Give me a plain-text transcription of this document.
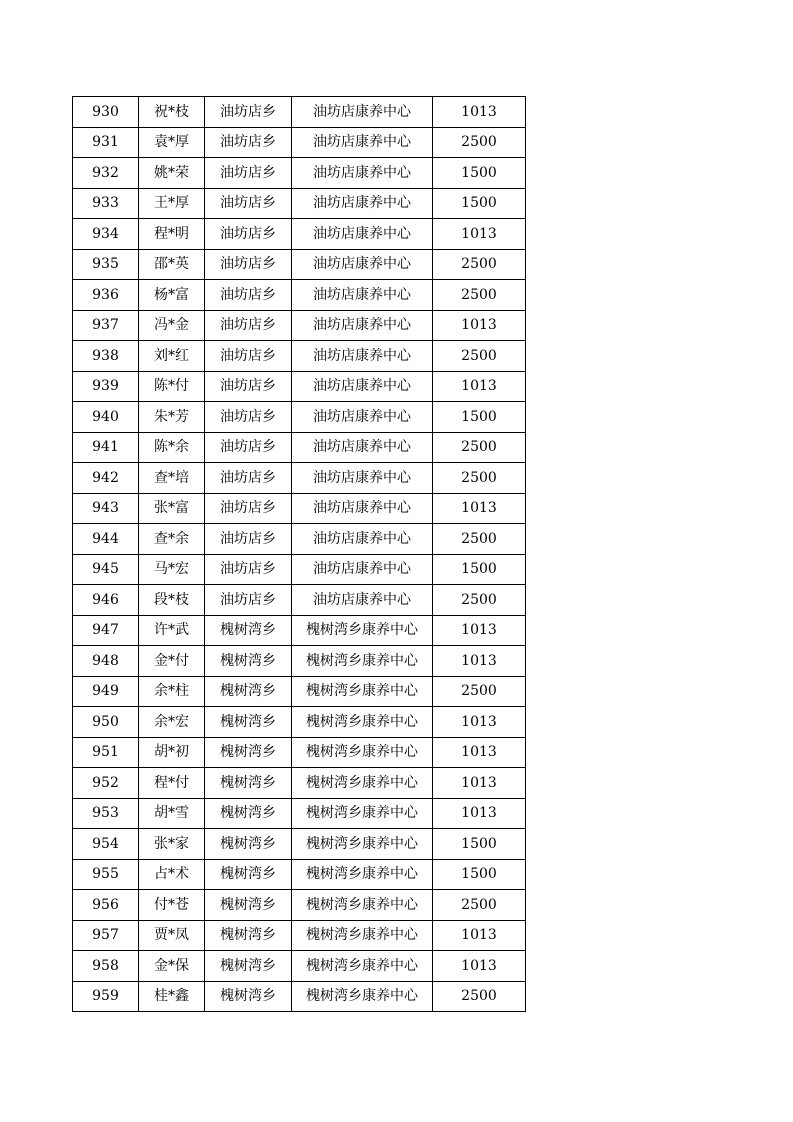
930	祝*枝	油坊店乡	油坊店康养中心	1013
931	袁*厚	油坊店乡	油坊店康养中心	2500
932	姚*荣	油坊店乡	油坊店康养中心	1500
933	王*厚	油坊店乡	油坊店康养中心	1500
934	程*明	油坊店乡	油坊店康养中心	1013
935	邵*英	油坊店乡	油坊店康养中心	2500
936	杨*富	油坊店乡	油坊店康养中心	2500
937	冯*金	油坊店乡	油坊店康养中心	1013
938	刘*红	油坊店乡	油坊店康养中心	2500
939	陈*付	油坊店乡	油坊店康养中心	1013
940	朱*芳	油坊店乡	油坊店康养中心	1500
941	陈*余	油坊店乡	油坊店康养中心	2500
942	查*培	油坊店乡	油坊店康养中心	2500
943	张*富	油坊店乡	油坊店康养中心	1013
944	查*余	油坊店乡	油坊店康养中心	2500
945	马*宏	油坊店乡	油坊店康养中心	1500
946	段*枝	油坊店乡	油坊店康养中心	2500
947	许*武	槐树湾乡	槐树湾乡康养中心	1013
948	金*付	槐树湾乡	槐树湾乡康养中心	1013
949	余*柱	槐树湾乡	槐树湾乡康养中心	2500
950	余*宏	槐树湾乡	槐树湾乡康养中心	1013
951	胡*初	槐树湾乡	槐树湾乡康养中心	1013
952	程*付	槐树湾乡	槐树湾乡康养中心	1013
953	胡*雪	槐树湾乡	槐树湾乡康养中心	1013
954	张*家	槐树湾乡	槐树湾乡康养中心	1500
955	占*术	槐树湾乡	槐树湾乡康养中心	1500
956	付*苍	槐树湾乡	槐树湾乡康养中心	2500
957	贾*凤	槐树湾乡	槐树湾乡康养中心	1013
958	金*保	槐树湾乡	槐树湾乡康养中心	1013
959	桂*鑫	槐树湾乡	槐树湾乡康养中心	2500
